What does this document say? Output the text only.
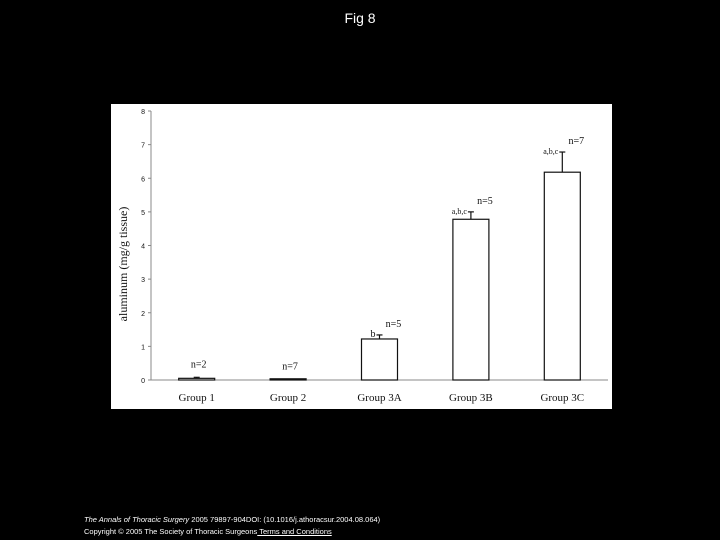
Fig 8
0
1
2
3
4
5
6
7
8
n=2	n=7
b
n=5
a,b,c
n=5
a,b,c
n=7
Group 1	Group 2	Group 3A	Group 3B	Group 3C
aluminum (mg/g tissue)
The Annals of Thoracic Surgery 2005 79897-904DOI: (10.1016/j.athoracsur.2004.08.064)
Copyright © 2005 The Society of Thoracic Surgeons Terms and Conditions
